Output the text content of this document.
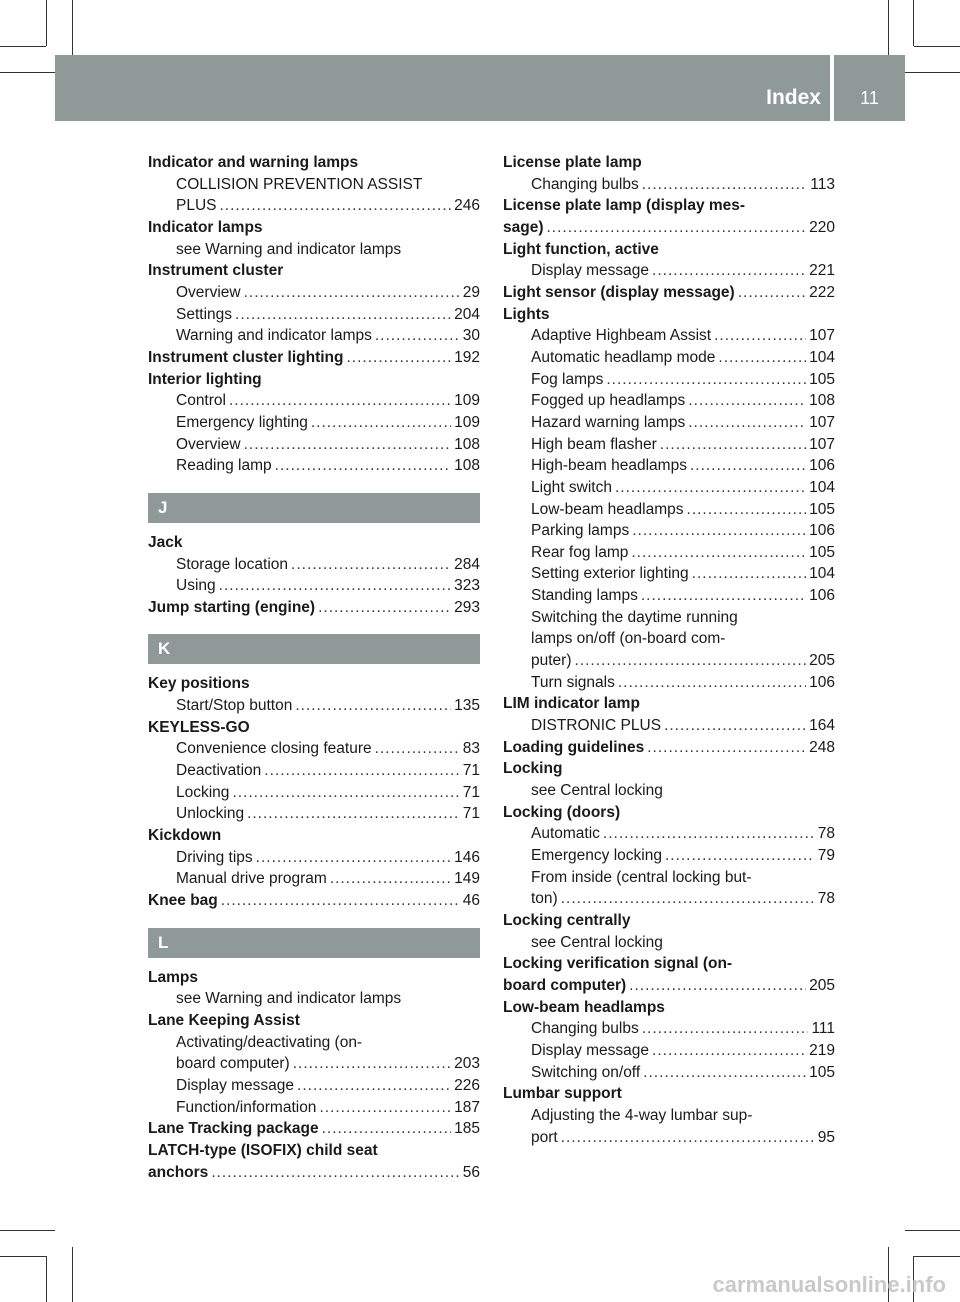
Index	11
Indicator and warning lamps
COLLISION PREVENTION ASSIST
PLUS .....	246
Indicator lamps
see Warning and indicator lamps
Instrument cluster
Overview .....	29
Settings .....	204
Warning and indicator lamps .....	30
Instrument cluster lighting .....	192
Interior lighting
Control .....	109
Emergency lighting .....	109
Overview .....	108
Reading lamp .....	108
J
Jack
Storage location .....	284
Using .....	323
Jump starting (engine) .....	293
K
Key positions
Start/Stop button .....	135
KEYLESS-GO
Convenience closing feature .....	83
Deactivation .....	71
Locking .....	71
Unlocking .....	71
Kickdown
Driving tips .....	146
Manual drive program .....	149
Knee bag .....	46
L
Lamps
see Warning and indicator lamps
Lane Keeping Assist
Activating/deactivating (on-
board computer) .....	203
Display message .....	226
Function/information .....	187
Lane Tracking package .....	185
LATCH-type (ISOFIX) child seat
anchors .....	56
License plate lamp
Changing bulbs .....	113
License plate lamp (display mes-
sage) .....	220
Light function, active
Display message .....	221
Light sensor (display message) .....	222
Lights
Adaptive Highbeam Assist .....	107
Automatic headlamp mode .....	104
Fog lamps .....	105
Fogged up headlamps .....	108
Hazard warning lamps .....	107
High beam flasher .....	107
High-beam headlamps .....	106
Light switch .....	104
Low-beam headlamps .....	105
Parking lamps .....	106
Rear fog lamp .....	105
Setting exterior lighting .....	104
Standing lamps .....	106
Switching the daytime running
lamps on/off (on-board com-
puter) .....	205
Turn signals .....	106
LIM indicator lamp
DISTRONIC PLUS .....	164
Loading guidelines .....	248
Locking
see Central locking
Locking (doors)
Automatic .....	78
Emergency locking .....	79
From inside (central locking but-
ton) .....	78
Locking centrally
see Central locking
Locking verification signal (on-
board computer) .....	205
Low-beam headlamps
Changing bulbs .....	111
Display message .....	219
Switching on/off .....	105
Lumbar support
Adjusting the 4-way lumbar sup-
port .....	95
carmanualsonline.info
